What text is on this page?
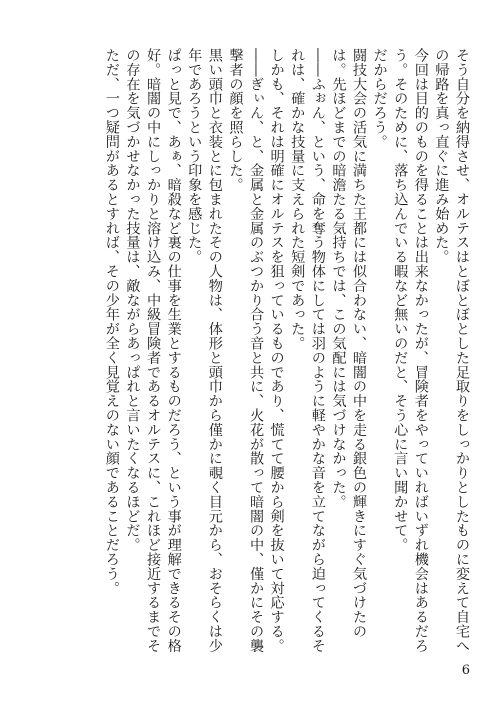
そう自分を納得させ、オルテスはとぼとぼとした足取りをしっかりとしたものに変えて自宅への帰路を真っ直ぐに進み始めた。

今回は目的のものを得ることは出来なかったが、冒険者をやっていればいずれ機会はあるだろう。そのために、落ち込んでいる暇など無いのだと、そう心に言い聞かせて。

だからだろう。

闘技大会の活気に満ちた王都には似合わない、暗闇の中を走る銀色の輝きにすぐ気づけたのは。先ほどまでの暗澹たる気持ちでは、この気配には気づけなかった。

――ふぉん、という、命を奪う物体にしては羽のように軽やかな音を立てながら迫ってくるそれは、確かな技量に支えられた短剣であった。

しかも、それは明確にオルテスを狙っているものであり、慌てて腰から剣を抜いて対応する。

――ぎぃん、と、金属と金属のぶつかり合う音と共に、火花が散って暗闇の中、僅かにその襲撃者の顔を照らした。

黒い頭巾と衣装とに包まれたその人物は、体形と頭巾から僅かに覗く目元から、おそらくは少年であろうという印象を感じた。

ぱっと見で、あぁ、暗殺など裏の仕事を生業とするものだろう、という事が理解できるその格好。暗闇の中にしっかりと溶け込み、中級冒険者であるオルテスに、これほど接近するまでその存在を気づかせなかった技量は、敵ながらあっぱれと言いたくなるほどだ。

ただ、一つ疑問があるとすれば、その少年が全く見覚えのない顔であることだろう。

6
